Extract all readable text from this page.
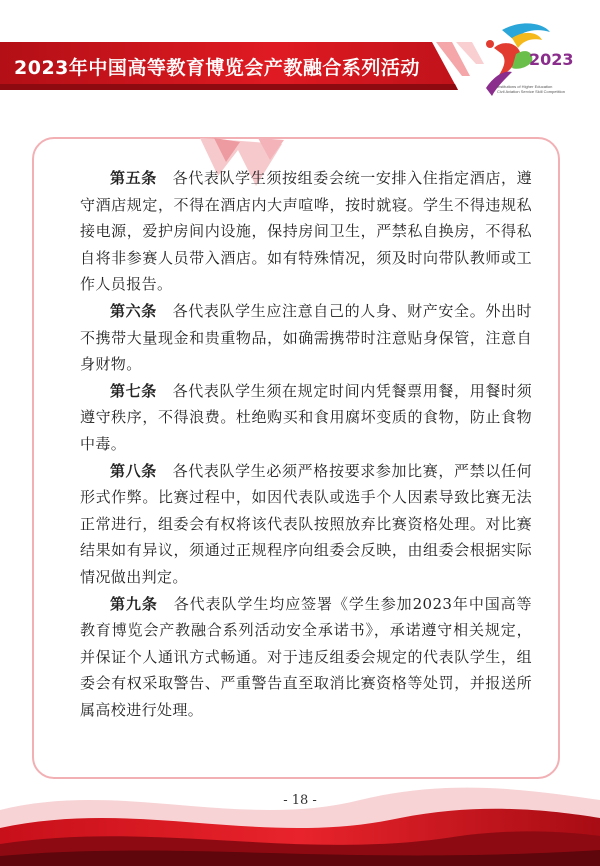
2023年中国高等教育博览会产教融合系列活动	2023
Institutions of Higher Education
Civil Aviation Service Skill Competition

第五条  各代表队学生须按组委会统一安排入住指定酒店，遵守酒店规定，不得在酒店内大声喧哗，按时就寝。学生不得违规私接电源，爱护房间内设施，保持房间卫生，严禁私自换房，不得私自将非参赛人员带入酒店。如有特殊情况，须及时向带队教师或工作人员报告。

第六条  各代表队学生应注意自己的人身、财产安全。外出时不携带大量现金和贵重物品，如确需携带时注意贴身保管，注意自身财物。

第七条  各代表队学生须在规定时间内凭餐票用餐，用餐时须遵守秩序，不得浪费。杜绝购买和食用腐坏变质的食物，防止食物中毒。

第八条  各代表队学生必须严格按要求参加比赛，严禁以任何形式作弊。比赛过程中，如因代表队或选手个人因素导致比赛无法正常进行，组委会有权将该代表队按照放弃比赛资格处理。对比赛结果如有异议，须通过正规程序向组委会反映，由组委会根据实际情况做出判定。

第九条  各代表队学生均应签署《学生参加2023年中国高等教育博览会产教融合系列活动安全承诺书》，承诺遵守相关规定，并保证个人通讯方式畅通。对于违反组委会规定的代表队学生，组委会有权采取警告、严重警告直至取消比赛资格等处罚，并报送所属高校进行处理。

- 18 -
